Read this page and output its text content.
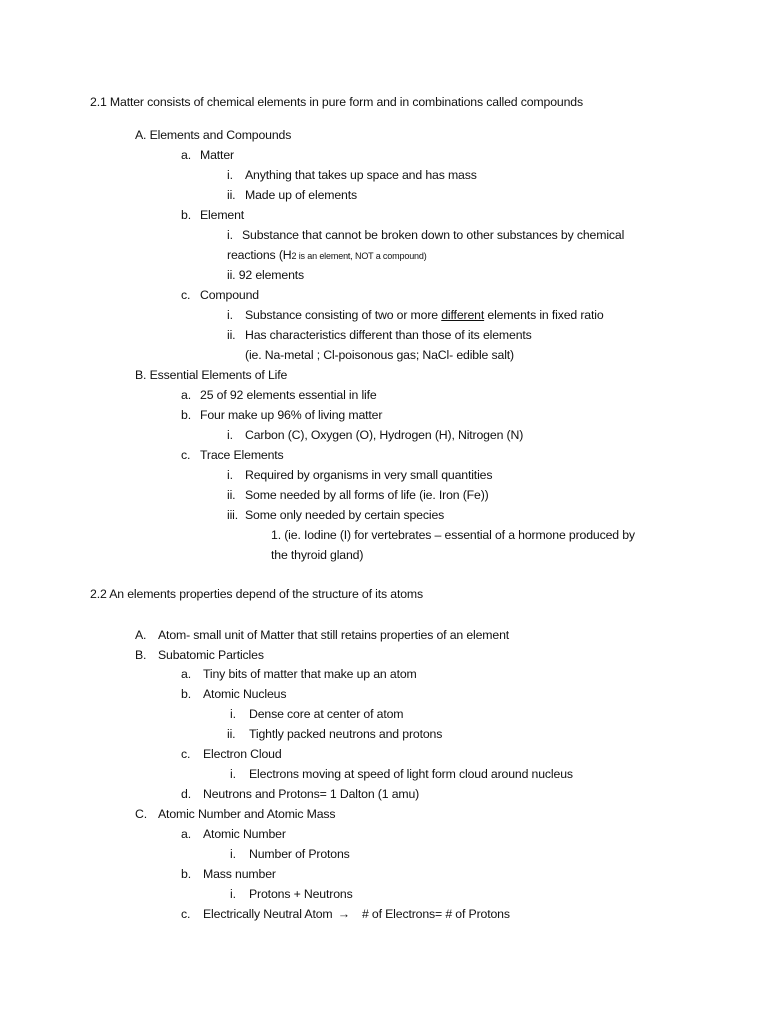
2.1 Matter consists of chemical elements in pure form and in combinations called compounds
A. Elements and Compounds
a. Matter
i. Anything that takes up space and has mass
ii. Made up of elements
b. Element
i. Substance that cannot be broken down to other substances by chemical
reactions (H2 is an element, NOT a compound)
ii. 92 elements
c. Compound
i. Substance consisting of two or more different elements in fixed ratio
ii. Has characteristics different than those of its elements
(ie. Na-metal ; Cl-poisonous gas; NaCl- edible salt)
B. Essential Elements of Life
a. 25 of 92 elements essential in life
b. Four make up 96% of living matter
i. Carbon (C), Oxygen (O), Hydrogen (H), Nitrogen (N)
c. Trace Elements
i. Required by organisms in very small quantities
ii. Some needed by all forms of life (ie. Iron (Fe))
iii. Some only needed by certain species
1. (ie. Iodine (I) for vertebrates – essential of a hormone produced by
the thyroid gland)
2.2 An elements properties depend of the structure of its atoms
A. Atom- small unit of Matter that still retains properties of an element
B. Subatomic Particles
a. Tiny bits of matter that make up an atom
b. Atomic Nucleus
i. Dense core at center of atom
ii. Tightly packed neutrons and protons
c. Electron Cloud
i. Electrons moving at speed of light form cloud around nucleus
d. Neutrons and Protons= 1 Dalton (1 amu)
C. Atomic Number and Atomic Mass
a. Atomic Number
i. Number of Protons
b. Mass number
i. Protons + Neutrons
c. Electrically Neutral Atom → # of Electrons= # of Protons
